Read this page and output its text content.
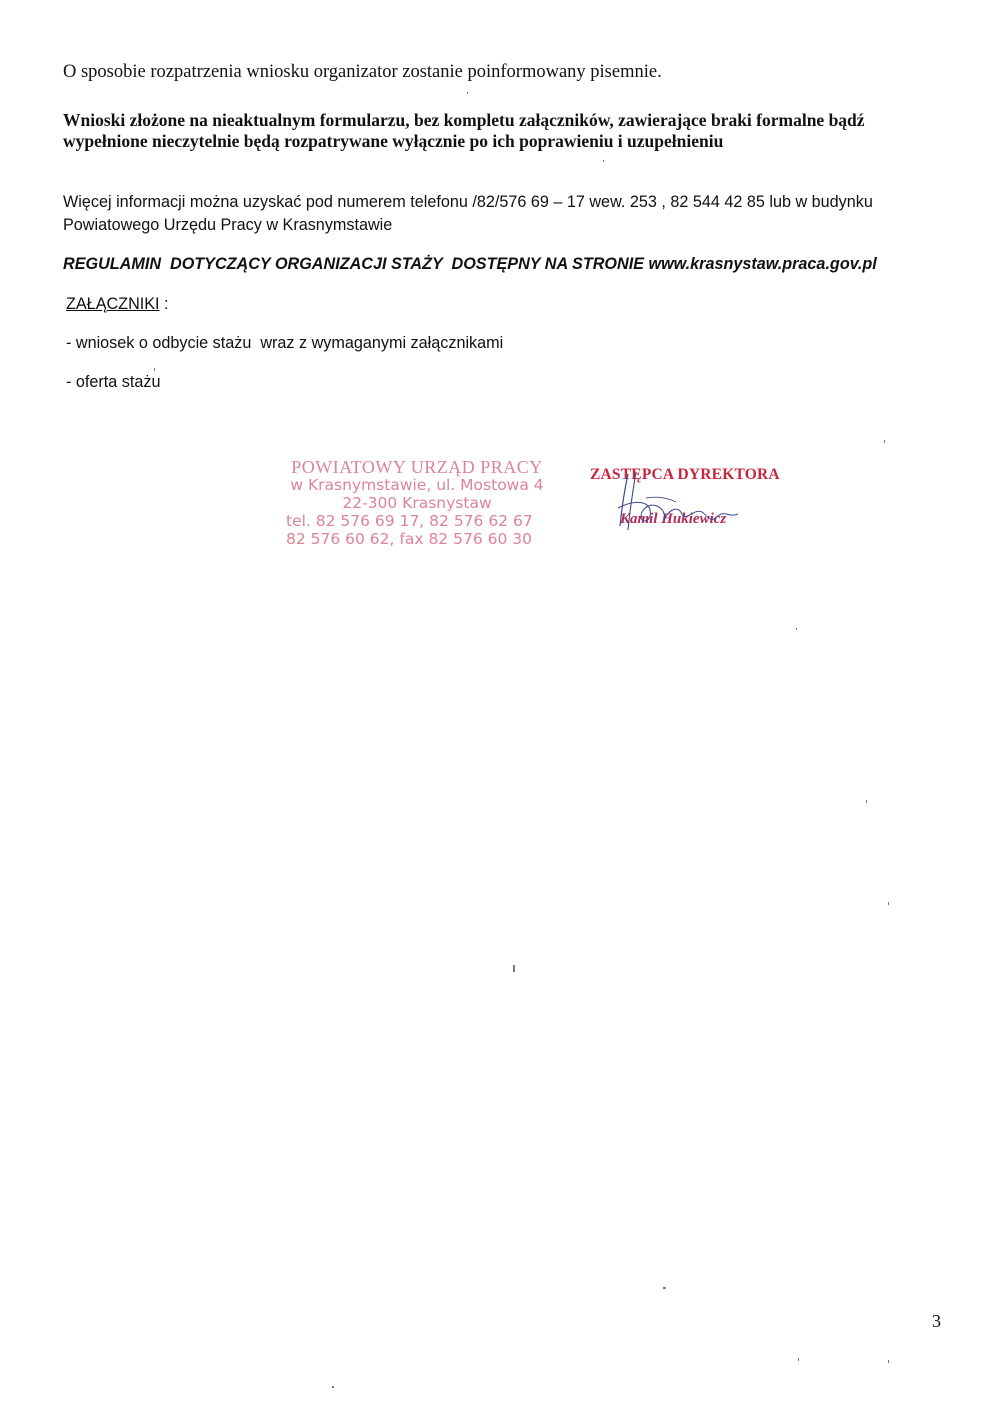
O sposobie rozpatrzenia wniosku organizator zostanie poinformowany pisemnie.

Wnioski złożone na nieaktualnym formularzu, bez kompletu załączników, zawierające braki formalne bądź wypełnione nieczytelnie będą rozpatrywane wyłącznie po ich poprawieniu i uzupełnieniu

Więcej informacji można uzyskać pod numerem telefonu /82/576 69 – 17 wew. 253 , 82 544 42 85 lub w budynku Powiatowego Urzędu Pracy w Krasnymstawie

REGULAMIN  DOTYCZĄCY ORGANIZACJI STAŻY  DOSTĘPNY NA STRONIE www.krasnystaw.praca.gov.pl

ZAŁĄCZNIKI :

- wniosek o odbycie stażu  wraz z wymaganymi załącznikami

- oferta stażu

POWIATOWY URZĄD PRACY
w Krasnymstawie, ul. Mostowa 4
22-300 Krasnystaw
tel. 82 576 69 17, 82 576 62 67
82 576 60 62, fax 82 576 60 30
ZASTĘPCA DYREKTORA
Kamil Hukiewicz
3
